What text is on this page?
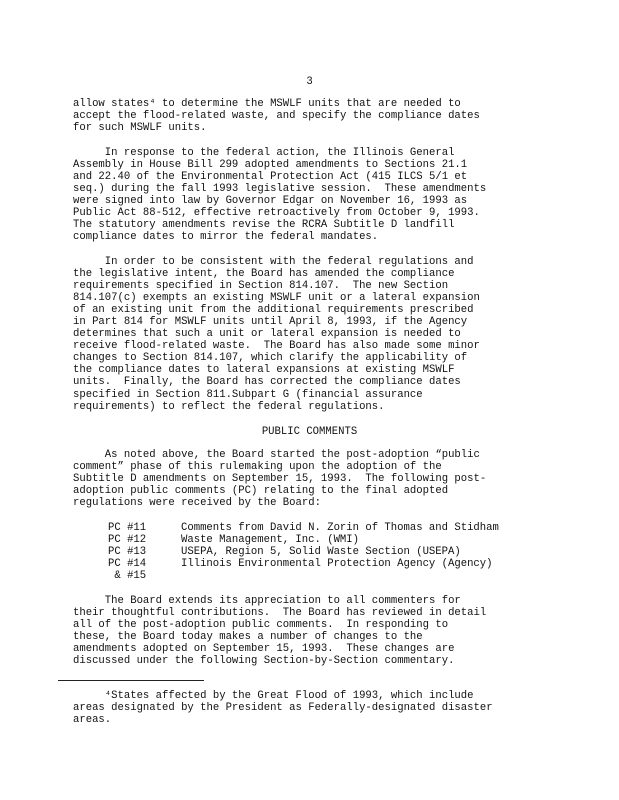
3

allow states⁴ to determine the MSWLF units that are needed to
accept the flood-related waste, and specify the compliance dates
for such MSWLF units.

In response to the federal action, the Illinois General
Assembly in House Bill 299 adopted amendments to Sections 21.1
and 22.40 of the Environmental Protection Act (415 ILCS 5/1 et
seq.) during the fall 1993 legislative session.  These amendments
were signed into law by Governor Edgar on November 16, 1993 as
Public Act 88-512, effective retroactively from October 9, 1993.
The statutory amendments revise the RCRA Subtitle D landfill
compliance dates to mirror the federal mandates.

In order to be consistent with the federal regulations and
the legislative intent, the Board has amended the compliance
requirements specified in Section 814.107.  The new Section
814.107(c) exempts an existing MSWLF unit or a lateral expansion
of an existing unit from the additional requirements prescribed
in Part 814 for MSWLF units until April 8, 1993, if the Agency
determines that such a unit or lateral expansion is needed to
receive flood-related waste.  The Board has also made some minor
changes to Section 814.107, which clarify the applicability of
the compliance dates to lateral expansions at existing MSWLF
units.  Finally, the Board has corrected the compliance dates
specified in Section 811.Subpart G (financial assurance
requirements) to reflect the federal regulations.

PUBLIC COMMENTS

As noted above, the Board started the post-adoption “public
comment” phase of this rulemaking upon the adoption of the
Subtitle D amendments on September 15, 1993.  The following post-
adoption public comments (PC) relating to the final adopted
regulations were received by the Board:

PC #11	Comments from David N. Zorin of Thomas and Stidham
PC #12	Waste Management, Inc. (WMI)
PC #13	USEPA, Region 5, Solid Waste Section (USEPA)
PC #14	Illinois Environmental Protection Agency (Agency)
& #15	

The Board extends its appreciation to all commenters for
their thoughtful contributions.  The Board has reviewed in detail
all of the post-adoption public comments.  In responding to
these, the Board today makes a number of changes to the
amendments adopted on September 15, 1993.  These changes are
discussed under the following Section-by-Section commentary.

⁴States affected by the Great Flood of 1993, which include
areas designated by the President as Federally-designated disaster
areas.
